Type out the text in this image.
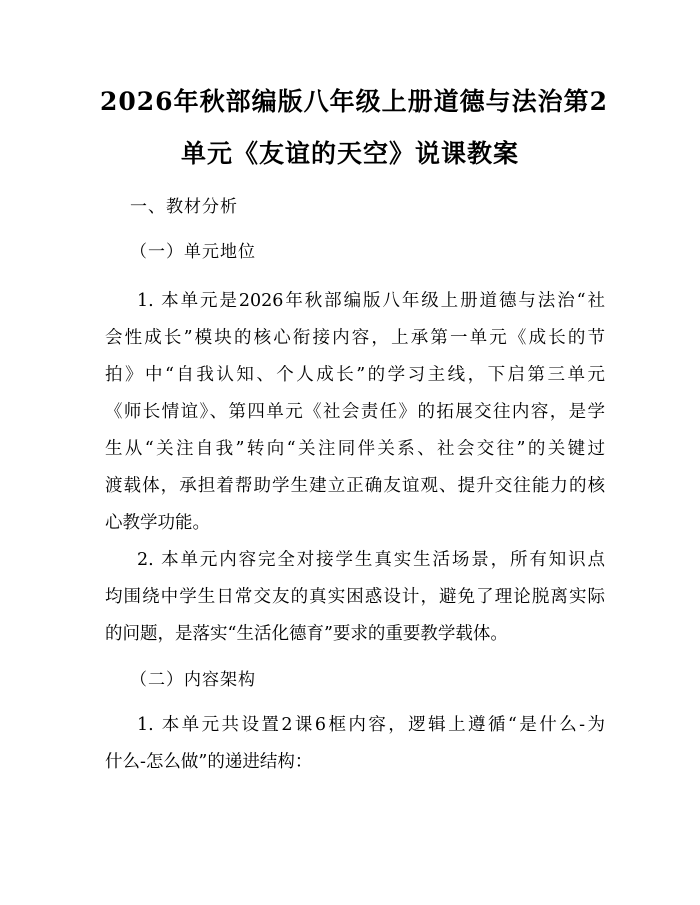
2026年秋部编版八年级上册道德与法治第2
单元《友谊的天空》说课教案
一、教材分析
（一）单元地位
1. 本单元是2026年秋部编版八年级上册道德与法治“社
会性成长”模块的核心衔接内容，上承第一单元《成长的节
拍》中“自我认知、个人成长”的学习主线，下启第三单元
《师长情谊》、第四单元《社会责任》的拓展交往内容，是学
生从“关注自我”转向“关注同伴关系、社会交往”的关键过
渡载体，承担着帮助学生建立正确友谊观、提升交往能力的核
心教学功能。
2. 本单元内容完全对接学生真实生活场景，所有知识点
均围绕中学生日常交友的真实困惑设计，避免了理论脱离实际
的问题，是落实“生活化德育”要求的重要教学载体。
（二）内容架构
1. 本单元共设置2课6框内容，逻辑上遵循“是什么-为
什么-怎么做”的递进结构：
